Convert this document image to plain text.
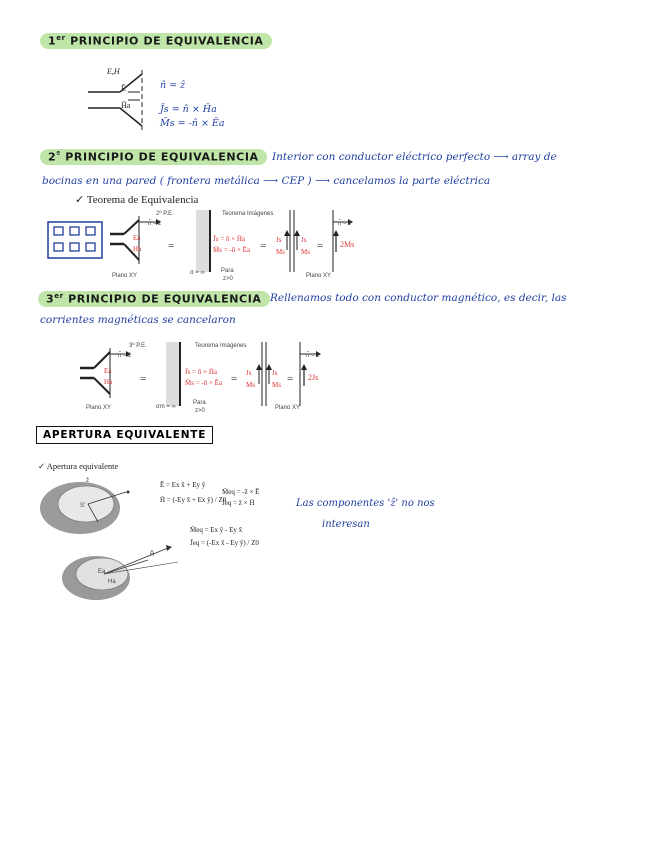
1er PRINCIPIO DE EQUIVALENCIA
E,H
Ē
H̄a
n̂ = ẑ
J̄s = n̂ × H̄a
M̄s = -n̂ × Ēa
$2^º$ PRINCIPIO DE EQUIVALENCIA	Interior con conductor eléctrico perfecto ⟶ array de
bocinas en una pared ( frontera metálica ⟶ CEP ) ⟶ cancelamos la parte eléctrica
✓ Teorema de Equivalencia
2º P.E.	Teorema Imágenes
n̂ = ẑ	n̂ = ẑ
Ea
Ha =
J̄s = n̂ × H̄a
M̄s = -n̂ × Ēa = Js
Ms
Js
Ms = 2Ms
Plano XY	σ = ∞	Para
z>0	Plano XY
3er PRINCIPIO DE EQUIVALENCIA Rellenamos todo con conductor magnético, es decir, las
corrientes magnéticas se cancelaron
3º P.E.	Teorema Imágenes
n̂ = ẑ	n̂ = ẑ
Ea
Ha	=
J̄s = n̂ × H̄a
M̄s = -n̂ × Ēa = Js
Ms
Js
Ms = 2Js
Plano XY	σm = ∞
Para
z>0	Plano XY
APERTURA EQUIVALENTE
✓ Apertura equivalente
ẑ
S'
Ea
Ha
R̂
Ē = Ex x̂ + Ey ŷ
H̄ = (-Ey x̂ + Ex ŷ) / Z0
M̄eq = -ẑ × Ē
J̄eq = ẑ × H̄
M̄eq = Ex ŷ - Ey x̂
J̄eq = (-Ex x̂ - Ey ŷ) / Z0
Las componentes 'ẑ' no nos
interesan
